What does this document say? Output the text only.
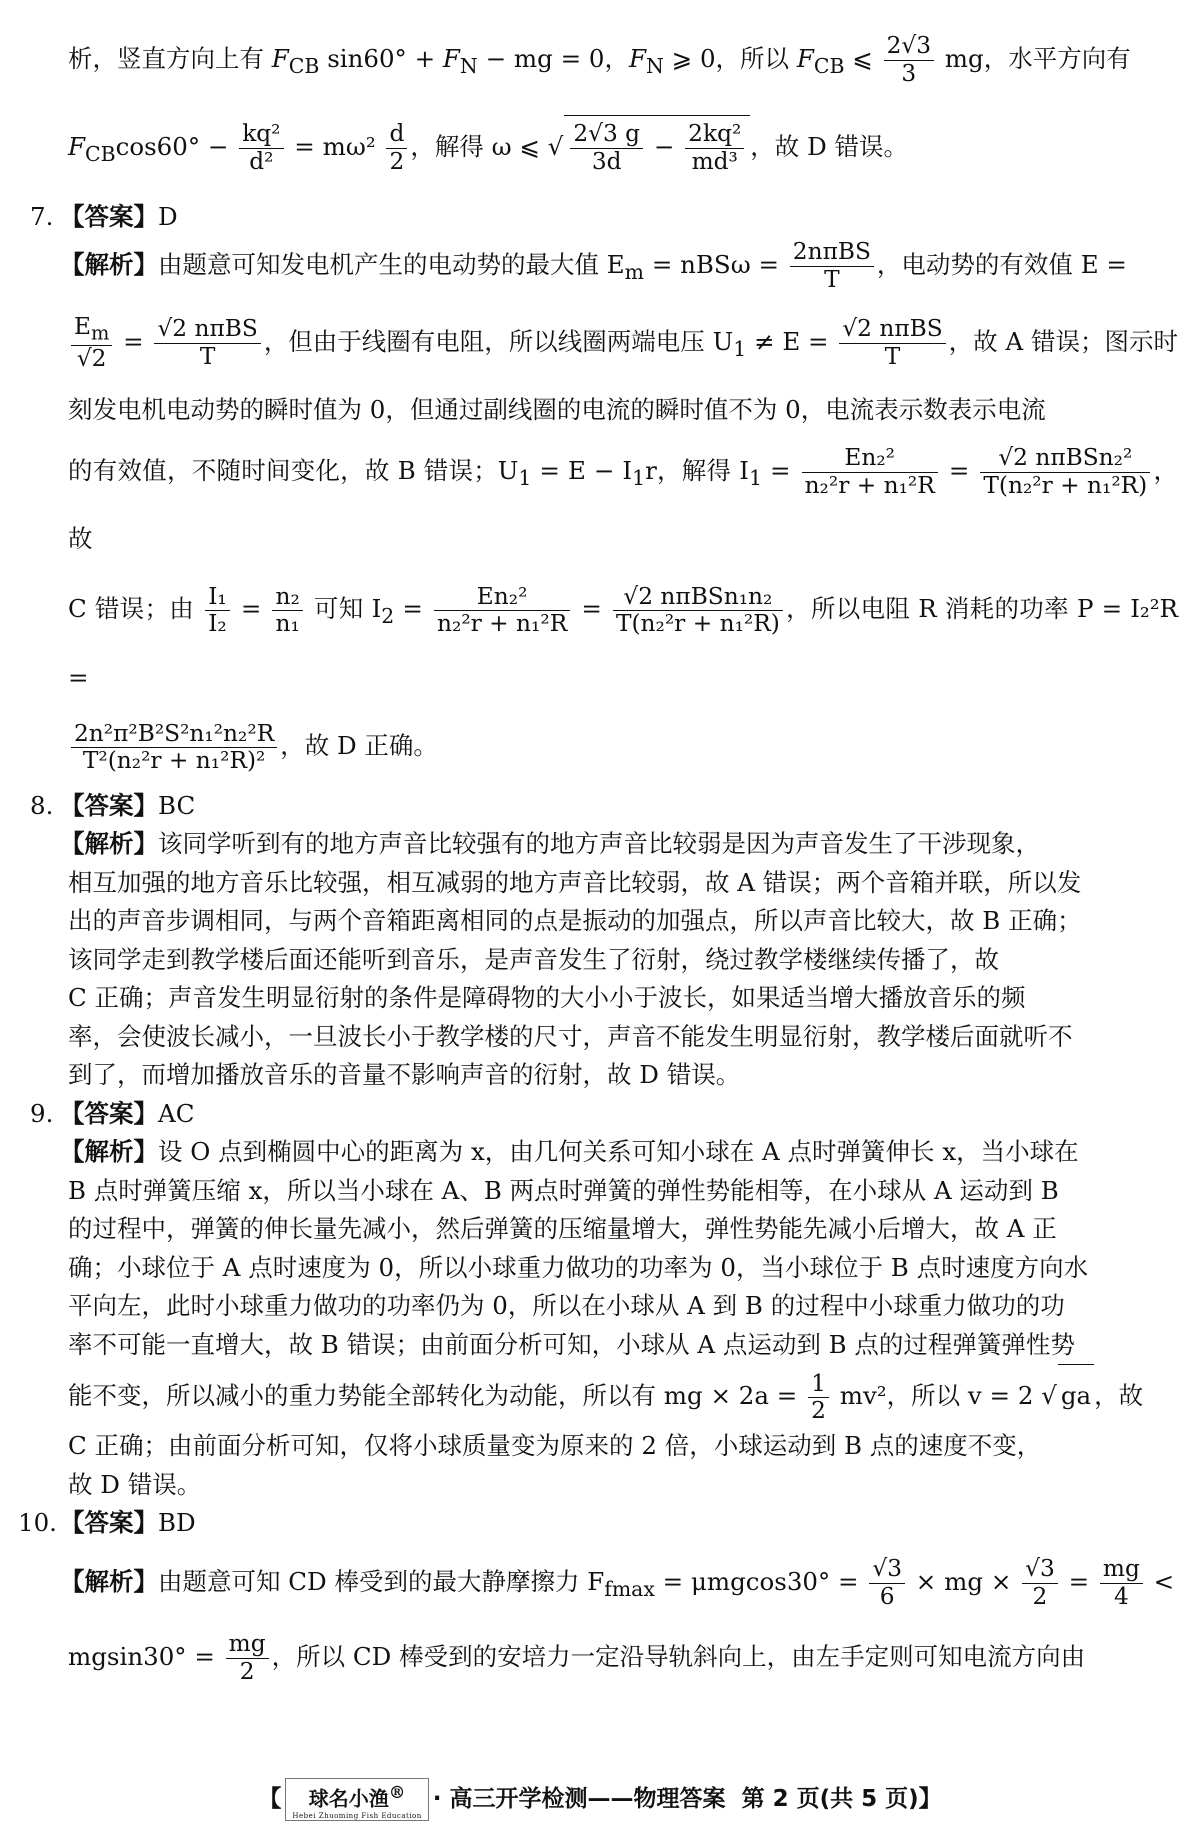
析，竖直方向上有 $F_{CB}$ $\sin 60^\circ + F_N$ − mg = 0，$F_N$ ⩾ 0，所以 $F_{CB}$ ⩽ $\frac{2√3}{3}$ mg，水平方向有

$F_{CB}\cos 60^\circ - \frac{\text{kq²}}{\text{d²}} = m\omega^2 \frac{d}{2}$ ，解得 ω ⩽ √ $\frac{2√3 g}{3d} - \frac{\text{2kq²}}{\text{md³}}$ ，故 D 错误。

7. 【答案】D

【解析】由题意可知发电机产生的电动势的最大值 $E_m = nBS\omega = \frac{\text{2nπBS}}{T}$ ，电动势的有效值 E =

$\frac{E_m}{√2} = \frac{\text{√2 nπBS}}{T}$ ，但由于线圈有电阻，所以线圈两端电压 $U_1 \ne E = \frac{\text{√2 nπBS}}{T}$ ，故 A 错误；图示时

刻发电机电动势的瞬时值为 0，但通过副线圈的电流的瞬时值不为 0，电流表示数表示电流

的有效值，不随时间变化，故 B 错误；$U_1 = E - I_1r$，解得 $I_1 = \frac{\text{En₂²}}{\text{n₂²r + n₁²R}} = \frac{\text{√2 nπBSn₂²}}{\text{T(n₂²r + n₁²R)}}$ ，故

C 错误；由 $\frac{\text{I₁}}{\text{I₂}} = \frac{\text{n₂}}{\text{n₁}}$ 可知 $I_2 = \frac{\text{En₂²}}{\text{n₂²r + n₁²R}} = \frac{\text{√2 nπBSn₁n₂}}{\text{T(n₂²r + n₁²R)}}$ ，所以电阻 R 消耗的功率 P = I₂²R =

$\frac{\text{2n²π²B²S²n₁²n₂²R}}{\text{T²(n₂²r + n₁²R)²}}$ ，故 D 正确。

8. 【答案】BC

【解析】该同学听到有的地方声音比较强有的地方声音比较弱是因为声音发生了干涉现象，

相互加强的地方音乐比较强，相互减弱的地方声音比较弱，故 A 错误；两个音箱并联，所以发

出的声音步调相同，与两个音箱距离相同的点是振动的加强点，所以声音比较大，故 B 正确；

该同学走到教学楼后面还能听到音乐，是声音发生了衍射，绕过教学楼继续传播了，故

C 正确；声音发生明显衍射的条件是障碍物的大小小于波长，如果适当增大播放音乐的频

率，会使波长减小，一旦波长小于教学楼的尺寸，声音不能发生明显衍射，教学楼后面就听不

到了，而增加播放音乐的音量不影响声音的衍射，故 D 错误。

9. 【答案】AC

【解析】设 O 点到椭圆中心的距离为 x，由几何关系可知小球在 A 点时弹簧伸长 x，当小球在

B 点时弹簧压缩 x，所以当小球在 A、B 两点时弹簧的弹性势能相等，在小球从 A 运动到 B

的过程中，弹簧的伸长量先减小，然后弹簧的压缩量增大，弹性势能先减小后增大，故 A 正

确；小球位于 A 点时速度为 0，所以小球重力做功的功率为 0，当小球位于 B 点时速度方向水

平向左，此时小球重力做功的功率仍为 0，所以在小球从 A 到 B 的过程中小球重力做功的功

率不可能一直增大，故 B 错误；由前面分析可知，小球从 A 点运动到 B 点的过程弹簧弹性势

能不变，所以减小的重力势能全部转化为动能，所以有 mg × $2a = \frac{1}{2} mv^2$，所以 v = 2 √ ga ，故

C 正确；由前面分析可知，仅将小球质量变为原来的 2 倍，小球运动到 B 点的速度不变，

故 D 错误。

10. 【答案】BD

【解析】由题意可知 CD 棒受到的最大静摩擦力 $F_{fmax} = \mu mgcos30^\circ = \frac{√3}{6}$ × mg × $\frac{√3}{2} = \frac{mg}{4}$ <

$mgsin30^\circ = \frac{mg}{2}$ ，所以 CD 棒受到的安培力一定沿导轨斜向上，由左手定则可知电流方向由

【 球名小渔®
Hebei Zhuoming Fish Education
· 高三开学检测——物理答案 第 2 页(共 5 页)】
